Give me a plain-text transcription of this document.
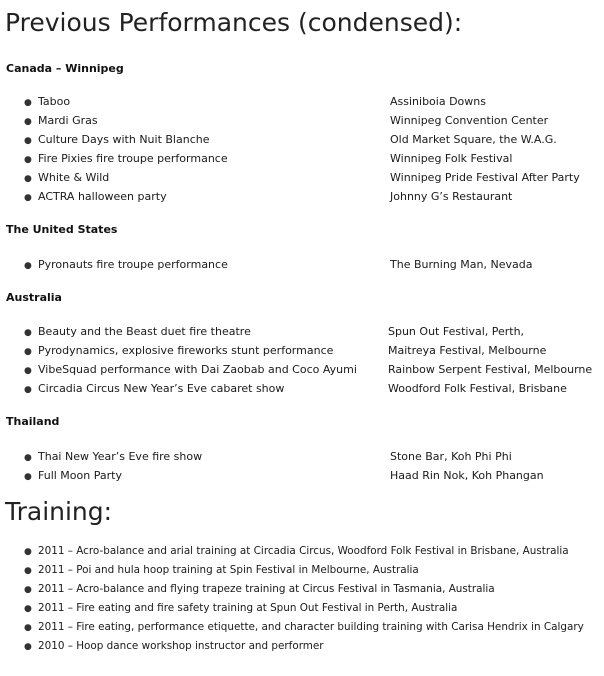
Previous Performances (condensed):
Canada – Winnipeg
● Taboo	Assiniboia Downs
● Mardi Gras	Winnipeg Convention Center
● Culture Days with Nuit Blanche	Old Market Square, the W.A.G.
● Fire Pixies fire troupe performance	Winnipeg Folk Festival
● White & Wild	Winnipeg Pride Festival After Party
● ACTRA halloween party	Johnny G’s Restaurant
The United States
● Pyronauts fire troupe performance	The Burning Man, Nevada
Australia
● Beauty and the Beast duet fire theatre	Spun Out Festival, Perth,
● Pyrodynamics, explosive fireworks stunt performance	Maitreya Festival, Melbourne
● VibeSquad performance with Dai Zaobab and Coco Ayumi	Rainbow Serpent Festival, Melbourne
● Circadia Circus New Year’s Eve cabaret show	Woodford Folk Festival, Brisbane
Thailand
● Thai New Year’s Eve fire show	Stone Bar, Koh Phi Phi
● Full Moon Party	Haad Rin Nok, Koh Phangan
Training:
● 2011 – Acro-balance and arial training at Circadia Circus, Woodford Folk Festival in Brisbane, Australia
● 2011 – Poi and hula hoop training at Spin Festival in Melbourne, Australia
● 2011 – Acro-balance and flying trapeze training at Circus Festival in Tasmania, Australia
● 2011 – Fire eating and fire safety training at Spun Out Festival in Perth, Australia
● 2011 – Fire eating, performance etiquette, and character building training with Carisa Hendrix in Calgary
● 2010 – Hoop dance workshop instructor and performer
